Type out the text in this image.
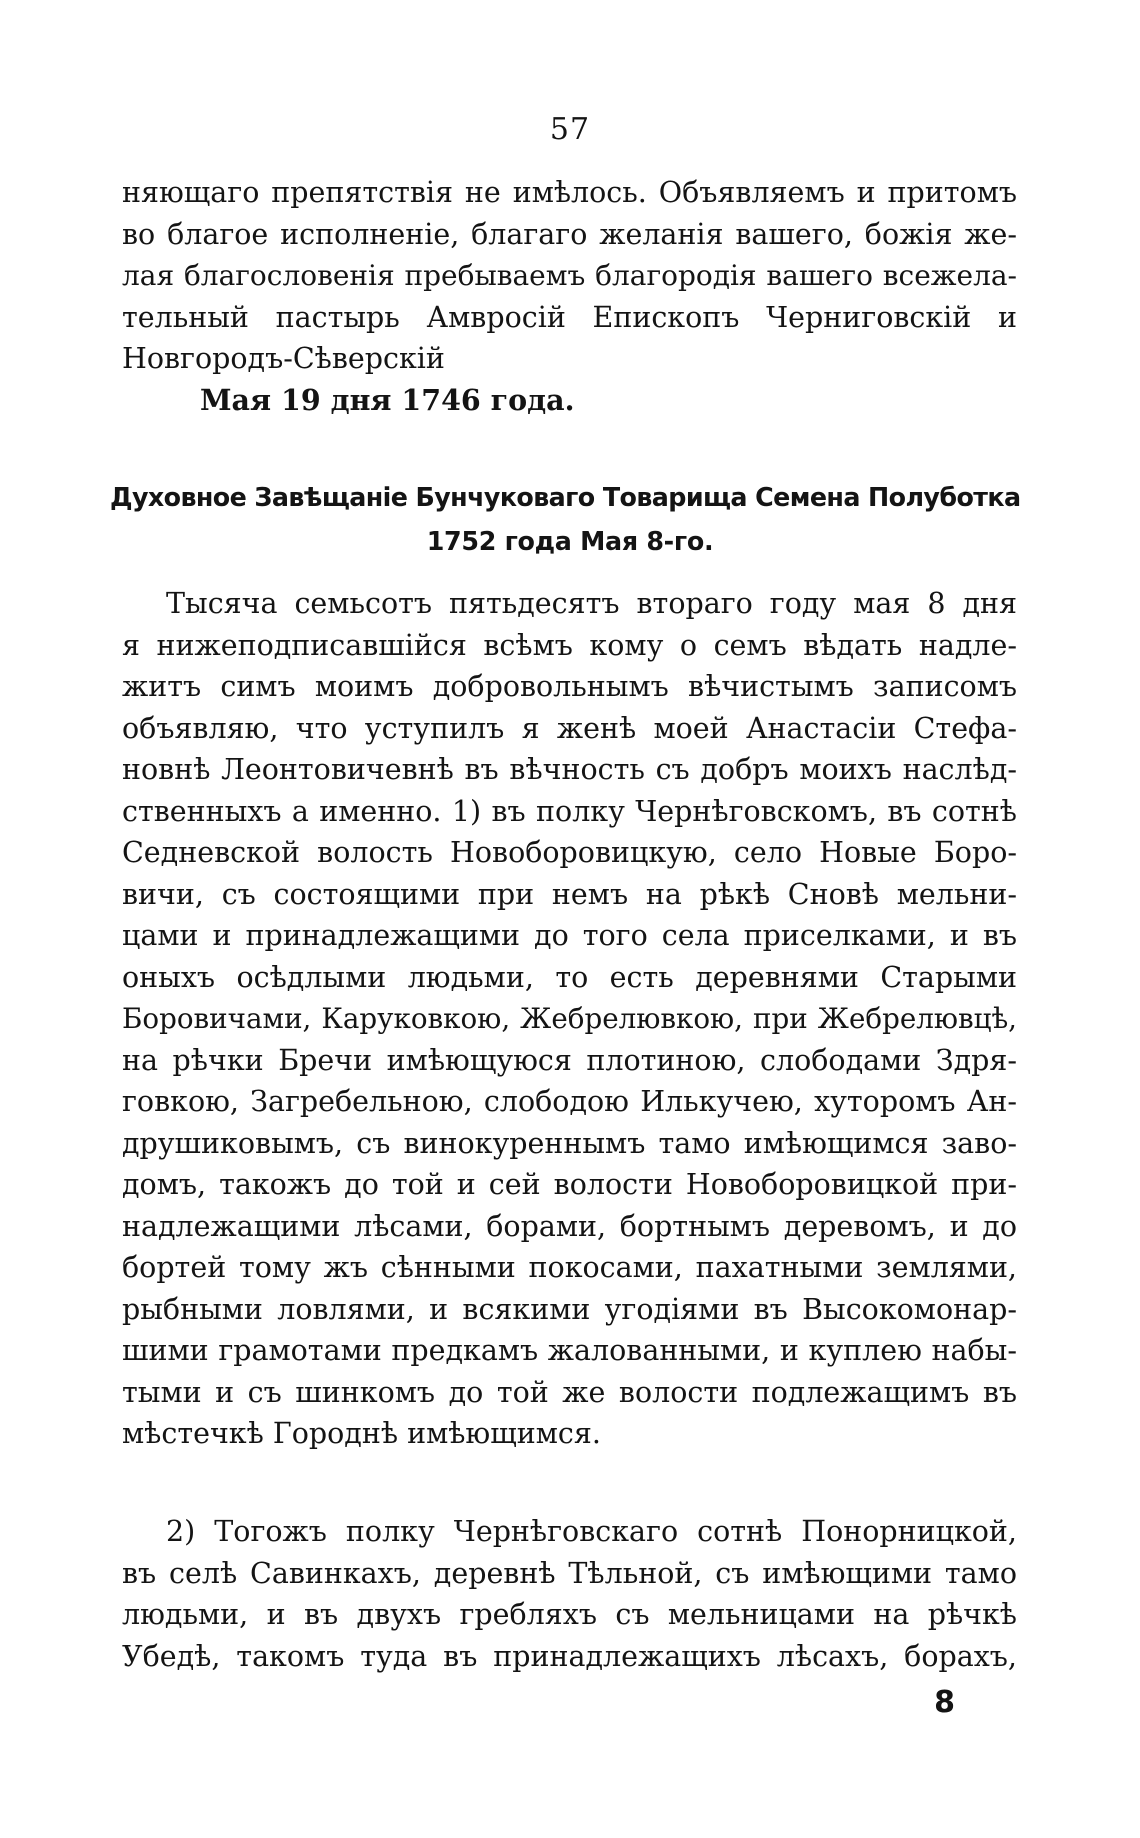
57
няющаго препятствія не имѣлось. Объявляемъ и притомъ
во благое исполненіе, благаго желанія вашего, божія же-
лая благословенія пребываемъ благородія вашего всежела-
тельный пастырь Амвросій Епископъ Черниговскій и
Новгородъ-Сѣверскій
Мая 19 дня 1746 года.
Духовное Завѣщаніе Бунчуковаго Товарища Семена Полуботка
1752 года Мая 8-го.
Тысяча семьсотъ пятьдесятъ втораго году мая 8 дня
я нижеподписавшійся всѣмъ кому о семъ вѣдать надле-
житъ симъ моимъ добровольнымъ вѣчистымъ записомъ
объявляю, что уступилъ я женѣ моей Анастасіи Стефа-
новнѣ Леонтовичевнѣ въ вѣчность съ добръ моихъ наслѣд-
ственныхъ а именно. 1) въ полку Чернѣговскомъ, въ сотнѣ
Седневской волость Новоборовицкую, село Новые Боро-
вичи, съ состоящими при немъ на рѣкѣ Сновѣ мельни-
цами и принадлежащими до того села приселками, и въ
оныхъ осѣдлыми людьми, то есть деревнями Старыми
Боровичами, Каруковкою, Жебрелювкою, при Жебрелювцѣ,
на рѣчки Бречи имѣющуюся плотиною, слободами Здря-
говкою, Загребельною, слободою Илькучею, хуторомъ Ан-
друшиковымъ, съ винокуреннымъ тамо имѣющимся заво-
домъ, такожъ до той и сей волости Новоборовицкой при-
надлежащими лѣсами, борами, бортнымъ деревомъ, и до
бортей тому жъ сѣнными покосами, пахатными землями,
рыбными ловлями, и всякими угодіями въ Высокомонар-
шими грамотами предкамъ жалованными, и куплею набы-
тыми и съ шинкомъ до той же волости подлежащимъ въ
мѣстечкѣ Городнѣ имѣющимся.
2) Тогожъ полку Чернѣговскаго сотнѣ Понорницкой,
въ селѣ Савинкахъ, деревнѣ Тѣльной, съ имѣющими тамо
людьми, и въ двухъ гребляхъ съ мельницами на рѣчкѣ
Убедѣ, такомъ туда въ принадлежащихъ лѣсахъ, борахъ,
8
